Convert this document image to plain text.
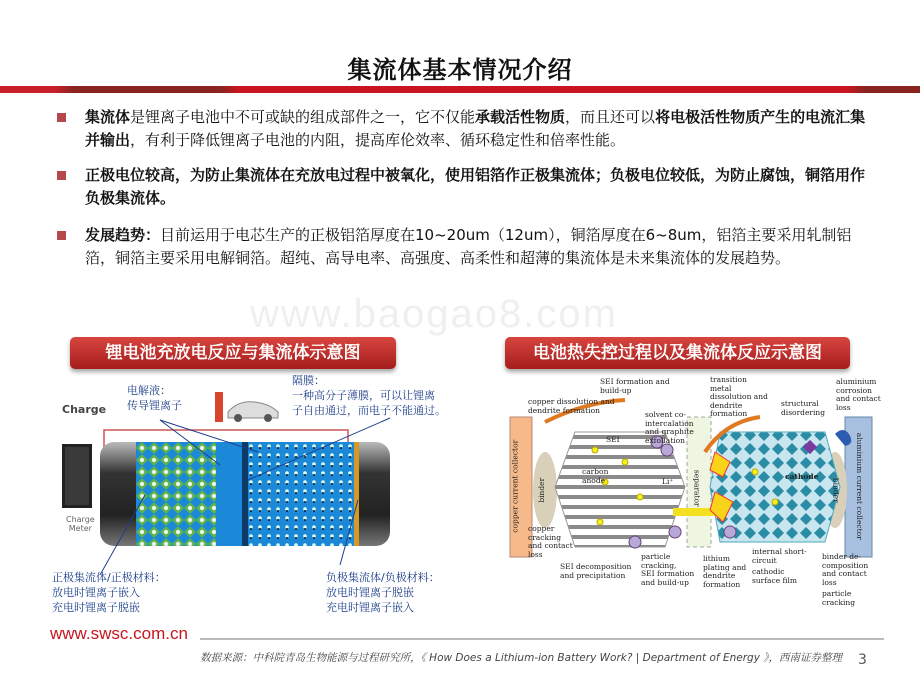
集流体基本情况介绍
集流体是锂离子电池中不可或缺的组成部件之一，它不仅能承载活性物质，而且还可以将电极活性物质产生的电流汇集并输出，有利于降低锂离子电池的内阻，提高库伦效率、循环稳定性和倍率性能。
正极电位较高，为防止集流体在充放电过程中被氧化，使用铝箔作正极集流体；负极电位较低，为防止腐蚀，铜箔用作负极集流体。
发展趋势：目前运用于电芯生产的正极铝箔厚度在10~20um（12um），铜箔厚度在6~8um，铝箔主要采用轧制铝箔，铜箔主要采用电解铜箔。超纯、高导电率、高强度、高柔性和超薄的集流体是未来集流体的发展趋势。
www.baogao8.com
锂电池充放电反应与集流体示意图	电池热失控过程以及集流体反应示意图
Charge
Charge
Meter
电解液：
传导锂离子
隔膜：
一种高分子薄膜，可以让锂离
子自由通过，而电子不能通过。
正极集流体/正极材料：
放电时锂离子嵌入
充电时锂离子脱嵌
负极集流体/负极材料：
放电时锂离子脱嵌
充电时锂离子嵌入
copper dissolution and
dendrite formation
SEI formation and
build-up
solvent co-
intercalation
and graphite
exfoliation
transition
metal
dissolution and
dendrite
formation
structural
disordering
aluminium
corrosion
and contact
loss
copper current collector	aluminium current collector
binder	binder
SEI
carbon
anode	Li⁺	separator	cathode
copper
cracking
and contact
loss
SEI decomposition
and precipitation
particle
cracking,
SEI formation
and build-up
lithium
plating and
dendrite
formation
internal short-
circuit
cathodic
surface film
particle
cracking
binder de-
composition
and contact
loss
www.swsc.com.cn
数据来源：中科院青岛生物能源与过程研究所，《 How Does a Lithium-ion Battery Work? | Department of Energy 》，西南证券整理 3
